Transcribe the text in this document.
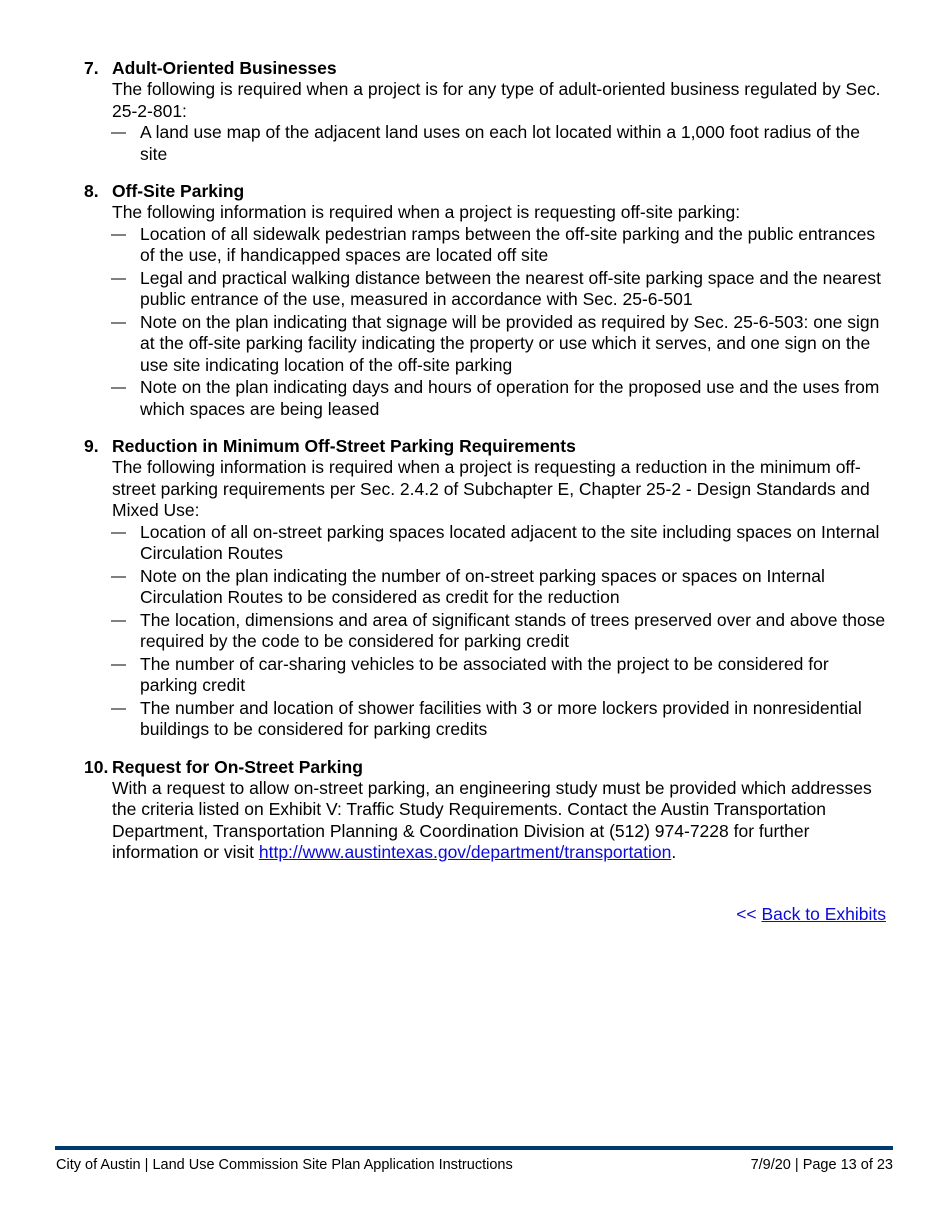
7. Adult-Oriented Businesses
The following is required when a project is for any type of adult-oriented business regulated by Sec. 25-2-801:
— A land use map of the adjacent land uses on each lot located within a 1,000 foot radius of the site
8. Off-Site Parking
The following information is required when a project is requesting off-site parking:
— Location of all sidewalk pedestrian ramps between the off-site parking and the public entrances of the use, if handicapped spaces are located off site
— Legal and practical walking distance between the nearest off-site parking space and the nearest public entrance of the use, measured in accordance with Sec. 25-6-501
— Note on the plan indicating that signage will be provided as required by Sec. 25-6-503: one sign at the off-site parking facility indicating the property or use which it serves, and one sign on the use site indicating location of the off-site parking
— Note on the plan indicating days and hours of operation for the proposed use and the uses from which spaces are being leased
9. Reduction in Minimum Off-Street Parking Requirements
The following information is required when a project is requesting a reduction in the minimum off-street parking requirements per Sec. 2.4.2 of Subchapter E, Chapter 25-2 - Design Standards and Mixed Use:
— Location of all on-street parking spaces located adjacent to the site including spaces on Internal Circulation Routes
— Note on the plan indicating the number of on-street parking spaces or spaces on Internal Circulation Routes to be considered as credit for the reduction
— The location, dimensions and area of significant stands of trees preserved over and above those required by the code to be considered for parking credit
— The number of car-sharing vehicles to be associated with the project to be considered for parking credit
— The number and location of shower facilities with 3 or more lockers provided in nonresidential buildings to be considered for parking credits
10. Request for On-Street Parking
With a request to allow on-street parking, an engineering study must be provided which addresses the criteria listed on Exhibit V: Traffic Study Requirements. Contact the Austin Transportation Department, Transportation Planning & Coordination Division at (512) 974-7228 for further information or visit http://www.austintexas.gov/department/transportation.
<< Back to Exhibits
City of Austin | Land Use Commission Site Plan Application Instructions	7/9/20 | Page 13 of 23
